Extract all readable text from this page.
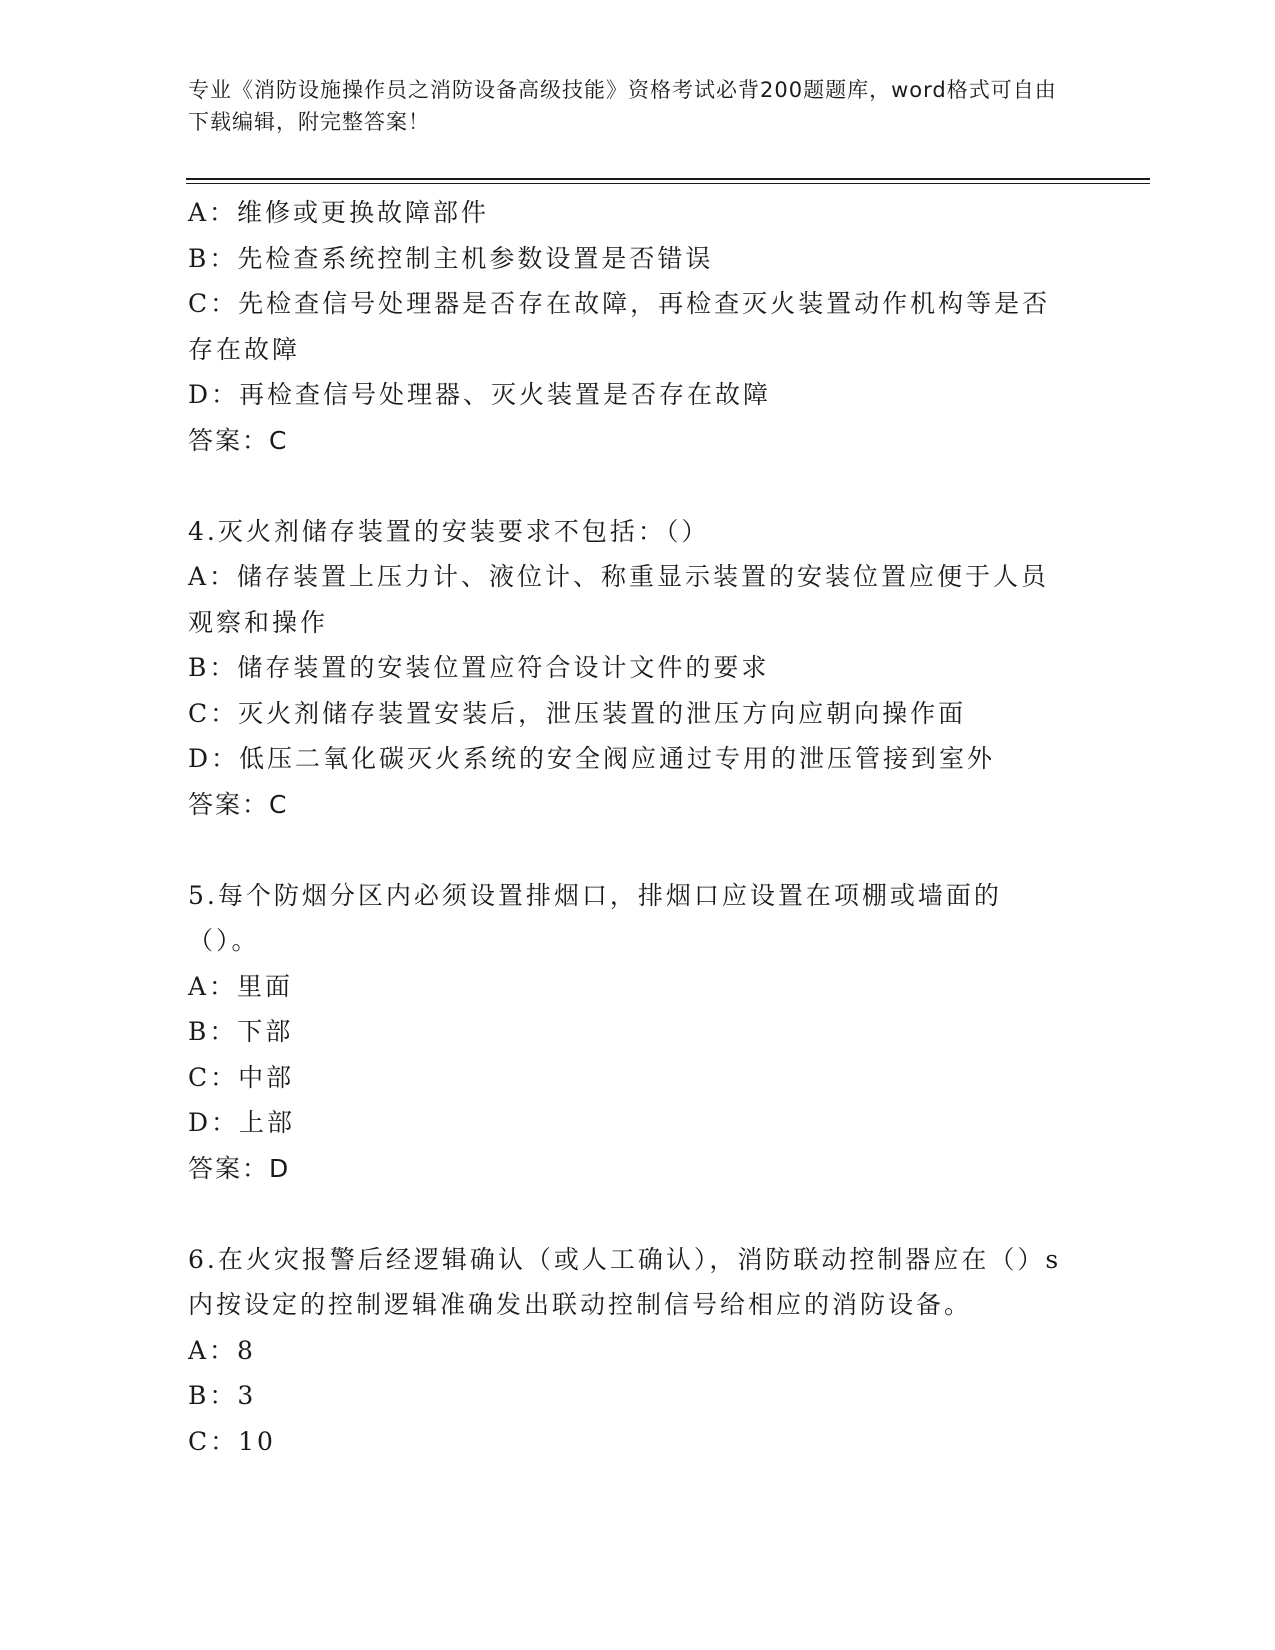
专业《消防设施操作员之消防设备高级技能》资格考试必背200题题库，word格式可自由下载编辑，附完整答案！

A：维修或更换故障部件

B：先检查系统控制主机参数设置是否错误

C：先检查信号处理器是否存在故障，再检查灭火装置动作机构等是否存在故障

D：再检查信号处理器、灭火装置是否存在故障

答案：C

4.灭火剂储存装置的安装要求不包括：（）

A：储存装置上压力计、液位计、称重显示装置的安装位置应便于人员观察和操作

B：储存装置的安装位置应符合设计文件的要求

C：灭火剂储存装置安装后，泄压装置的泄压方向应朝向操作面

D：低压二氧化碳灭火系统的安全阀应通过专用的泄压管接到室外

答案：C

5.每个防烟分区内必须设置排烟口，排烟口应设置在项棚或墙面的（）。

A：里面

B：下部

C：中部

D：上部

答案：D

6.在火灾报警后经逻辑确认（或人工确认），消防联动控制器应在（）s内按设定的控制逻辑准确发出联动控制信号给相应的消防设备。

A：8

B：3

C：10
